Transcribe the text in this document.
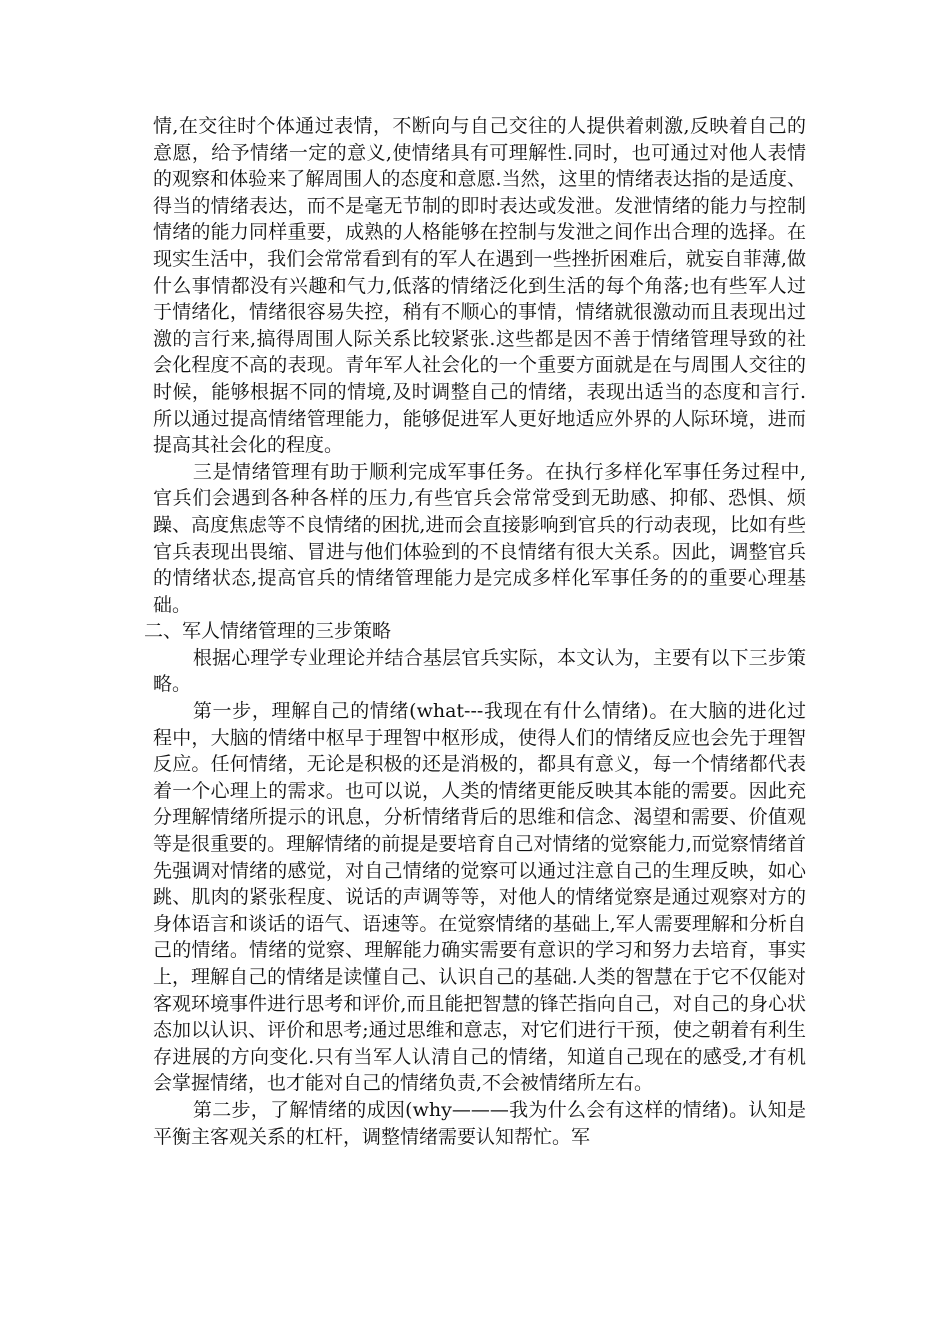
情,在交往时个体通过表情，不断向与自己交往的人提供着刺激,反映着自己的意愿，给予情绪一定的意义,使情绪具有可理解性.同时，也可通过对他人表情的观察和体验来了解周围人的态度和意愿.当然，这里的情绪表达指的是适度、得当的情绪表达，而不是毫无节制的即时表达或发泄。发泄情绪的能力与控制情绪的能力同样重要，成熟的人格能够在控制与发泄之间作出合理的选择。在现实生活中，我们会常常看到有的军人在遇到一些挫折困难后，就妄自菲薄,做什么事情都没有兴趣和气力,低落的情绪泛化到生活的每个角落;也有些军人过于情绪化，情绪很容易失控，稍有不顺心的事情，情绪就很激动而且表现出过激的言行来,搞得周围人际关系比较紧张.这些都是因不善于情绪管理导致的社会化程度不高的表现。青年军人社会化的一个重要方面就是在与周围人交往的时候，能够根据不同的情境,及时调整自己的情绪，表现出适当的态度和言行.所以通过提高情绪管理能力，能够促进军人更好地适应外界的人际环境，进而提高其社会化的程度。

三是情绪管理有助于顺利完成军事任务。在执行多样化军事任务过程中,官兵们会遇到各种各样的压力,有些官兵会常常受到无助感、抑郁、恐惧、烦躁、高度焦虑等不良情绪的困扰,进而会直接影响到官兵的行动表现，比如有些官兵表现出畏缩、冒进与他们体验到的不良情绪有很大关系。因此，调整官兵的情绪状态,提高官兵的情绪管理能力是完成多样化军事任务的的重要心理基础。

二、军人情绪管理的三步策略

根据心理学专业理论并结合基层官兵实际，本文认为，主要有以下三步策略。

第一步，理解自己的情绪(what---我现在有什么情绪)。在大脑的进化过程中，大脑的情绪中枢早于理智中枢形成，使得人们的情绪反应也会先于理智反应。任何情绪，无论是积极的还是消极的，都具有意义，每一个情绪都代表着一个心理上的需求。也可以说，人类的情绪更能反映其本能的需要。因此充分理解情绪所提示的讯息，分析情绪背后的思维和信念、渴望和需要、价值观等是很重要的。理解情绪的前提是要培育自己对情绪的觉察能力,而觉察情绪首先强调对情绪的感觉，对自己情绪的觉察可以通过注意自己的生理反映，如心跳、肌肉的紧张程度、说话的声调等等，对他人的情绪觉察是通过观察对方的身体语言和谈话的语气、语速等。在觉察情绪的基础上,军人需要理解和分析自己的情绪。情绪的觉察、理解能力确实需要有意识的学习和努力去培育，事实上，理解自己的情绪是读懂自己、认识自己的基础.人类的智慧在于它不仅能对客观环境事件进行思考和评价,而且能把智慧的锋芒指向自己，对自己的身心状态加以认识、评价和思考;通过思维和意志，对它们进行干预，使之朝着有利生存进展的方向变化.只有当军人认清自己的情绪，知道自己现在的感受,才有机会掌握情绪，也才能对自己的情绪负责,不会被情绪所左右。

第二步，了解情绪的成因(why———我为什么会有这样的情绪)。认知是平衡主客观关系的杠杆，调整情绪需要认知帮忙。军
